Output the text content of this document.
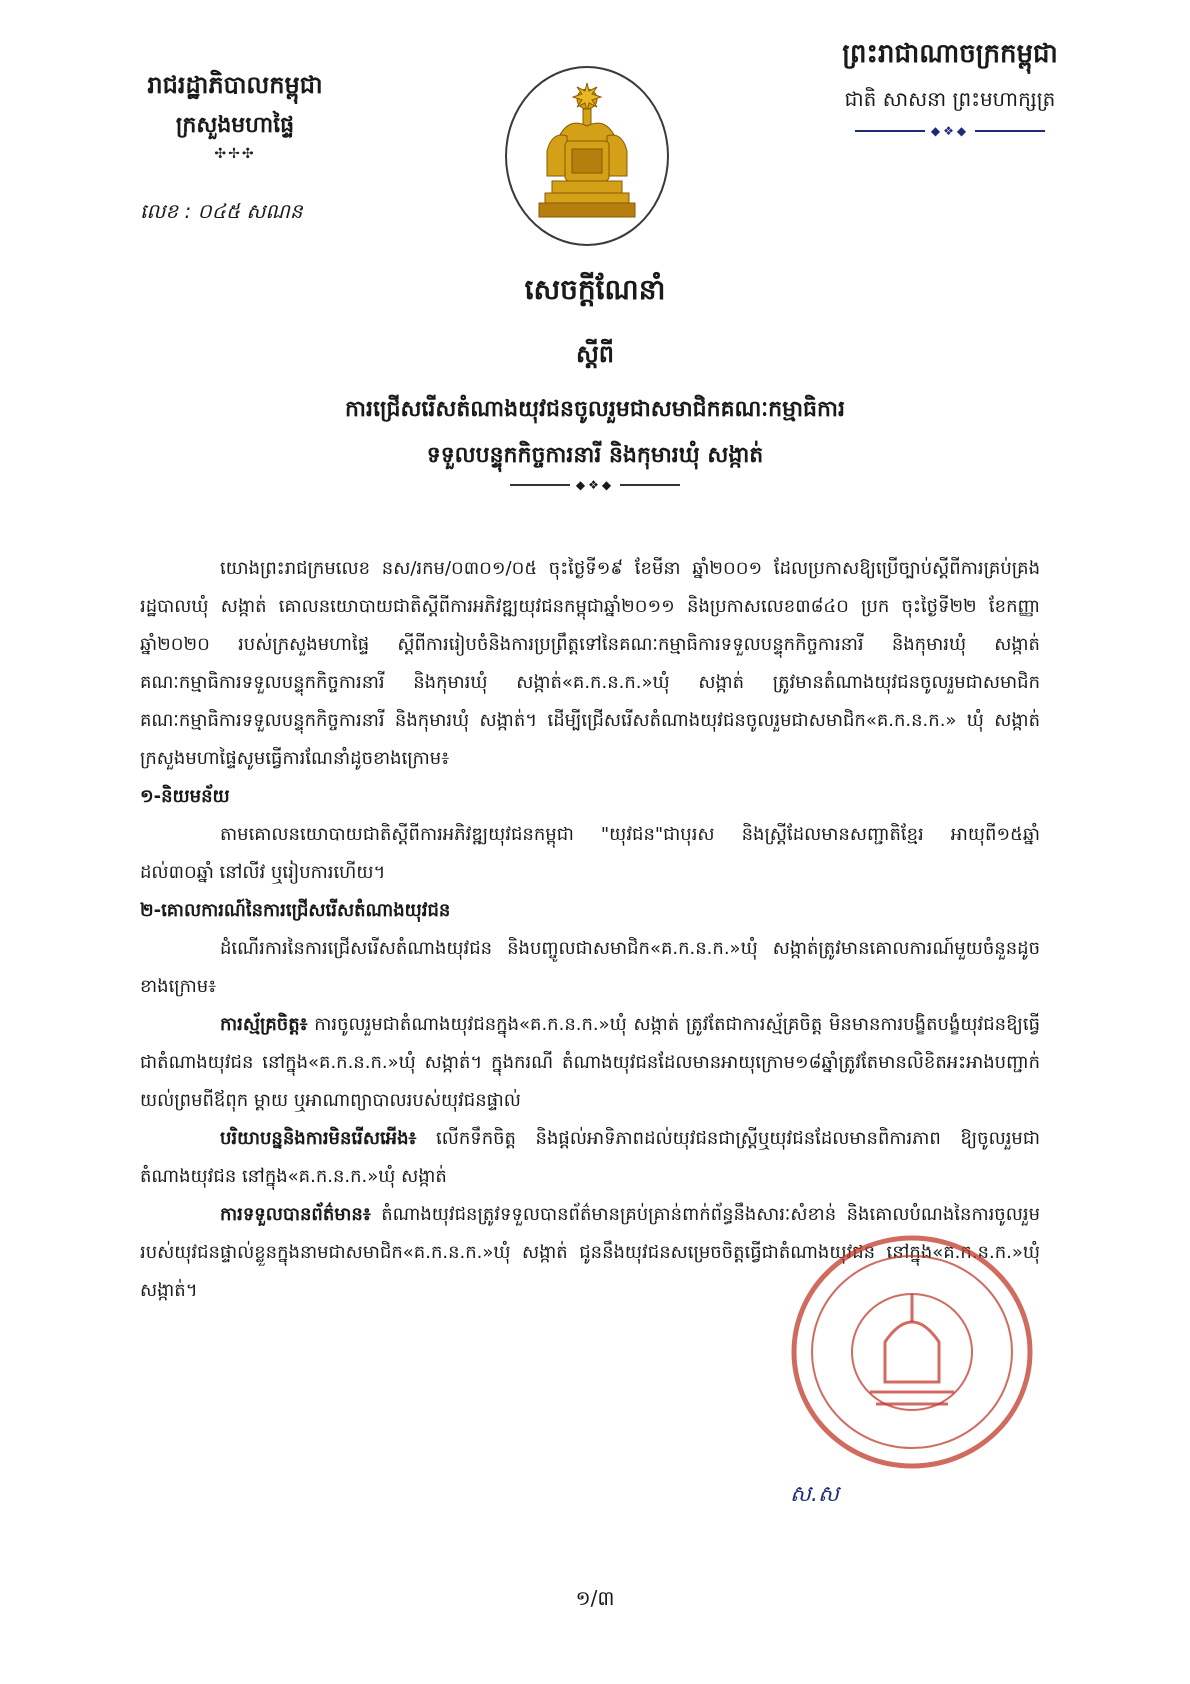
រាជរដ្ឋាភិបាលកម្ពុជា
ក្រសួងមហាផ្ទៃ
✣✢✣
លេខ : ០៤៥ សណន
ព្រះរាជាណាចក្រកម្ពុជា
ជាតិ សាសនា ព្រះមហាក្សត្រ
◆❖◆
សេចក្ដីណែនាំ
ស្ដីពី
ការជ្រើសរើសតំណាងយុវជនចូលរួមជាសមាជិកគណៈកម្មាធិការ
ទទួលបន្ទុកកិច្ចការនារី និងកុមារឃុំ សង្កាត់
◆❖◆

យោងព្រះរាជក្រមលេខ នស/រកម/០៣០១/០៥ ចុះថ្ងៃទី១៩ ខែមីនា ឆ្នាំ២០០១ ដែលប្រកាសឱ្យប្រើច្បាប់ស្ដីពីការគ្រប់គ្រងរដ្ឋបាលឃុំ សង្កាត់ គោលនយោបាយជាតិស្ដីពីការអភិវឌ្ឍយុវជនកម្ពុជាឆ្នាំ២០១១ និងប្រកាសលេខ៣៨៤០ ប្រក ចុះថ្ងៃទី២២ ខែកញ្ញា ឆ្នាំ២០២០ របស់ក្រសួងមហាផ្ទៃ ស្ដីពីការរៀបចំនិងការប្រព្រឹត្តទៅនៃគណៈកម្មាធិការទទួលបន្ទុកកិច្ចការនារី និងកុមារឃុំ សង្កាត់ គណៈកម្មាធិការទទួលបន្ទុកកិច្ចការនារី និងកុមារឃុំ សង្កាត់«គ.ក.ន.ក.»ឃុំ សង្កាត់ ត្រូវមានតំណាងយុវជនចូលរួមជាសមាជិកគណៈកម្មាធិការទទួលបន្ទុកកិច្ចការនារី និងកុមារឃុំ សង្កាត់។ ដើម្បីជ្រើសរើសតំណាងយុវជនចូលរួមជាសមាជិក«គ.ក.ន.ក.» ឃុំ សង្កាត់ ក្រសួងមហាផ្ទៃសូមធ្វើការណែនាំដូចខាងក្រោម៖

១-និយមន័យ

តាមគោលនយោបាយជាតិស្ដីពីការអភិវឌ្ឍយុវជនកម្ពុជា "យុវជន"ជាបុរស និងស្ត្រីដែលមានសញ្ជាតិខ្មែរ អាយុពី១៥ឆ្នាំដល់៣០ឆ្នាំ នៅលីវ ឬរៀបការហើយ។

២-គោលការណ៍នៃការជ្រើសរើសតំណាងយុវជន

ដំណើរការនៃការជ្រើសរើសតំណាងយុវជន និងបញ្ចូលជាសមាជិក«គ.ក.ន.ក.»ឃុំ សង្កាត់ត្រូវមានគោលការណ៍មួយចំនួនដូចខាងក្រោម៖

ការស្ម័គ្រចិត្ត៖ ការចូលរួមជាតំណាងយុវជនក្នុង«គ.ក.ន.ក.»ឃុំ សង្កាត់ ត្រូវតែជាការស្ម័គ្រចិត្ត មិនមានការបង្ខិតបង្ខំយុវជនឱ្យធ្វើជាតំណាងយុវជន នៅក្នុង«គ.ក.ន.ក.»ឃុំ សង្កាត់។ ក្នុងករណី តំណាងយុវជនដែលមានអាយុក្រោម១៨ឆ្នាំត្រូវតែមានលិខិតអះអាងបញ្ជាក់យល់ព្រមពីឪពុក ម្ដាយ ឬអាណាព្យាបាលរបស់យុវជនផ្ទាល់

បរិយាបន្ននិងការមិនរើសអើង៖ លើកទឹកចិត្ត និងផ្ដល់អាទិភាពដល់យុវជនជាស្ត្រីឬយុវជនដែលមានពិការភាព ឱ្យចូលរួមជាតំណាងយុវជន នៅក្នុង«គ.ក.ន.ក.»ឃុំ សង្កាត់

ការទទួលបានព័ត៌មាន៖ តំណាងយុវជនត្រូវទទួលបានព័ត៌មានគ្រប់គ្រាន់ពាក់ព័ន្ធនឹងសារៈសំខាន់ និងគោលបំណងនៃការចូលរួមរបស់យុវជនផ្ទាល់ខ្លួនក្នុងនាមជាសមាជិក«គ.ក.ន.ក.»ឃុំ សង្កាត់ ជូននឹងយុវជនសម្រេចចិត្តធ្វើជាតំណាងយុវជន នៅក្នុង«គ.ក.ន.ក.»ឃុំ សង្កាត់។

ស.ស
១/៣
